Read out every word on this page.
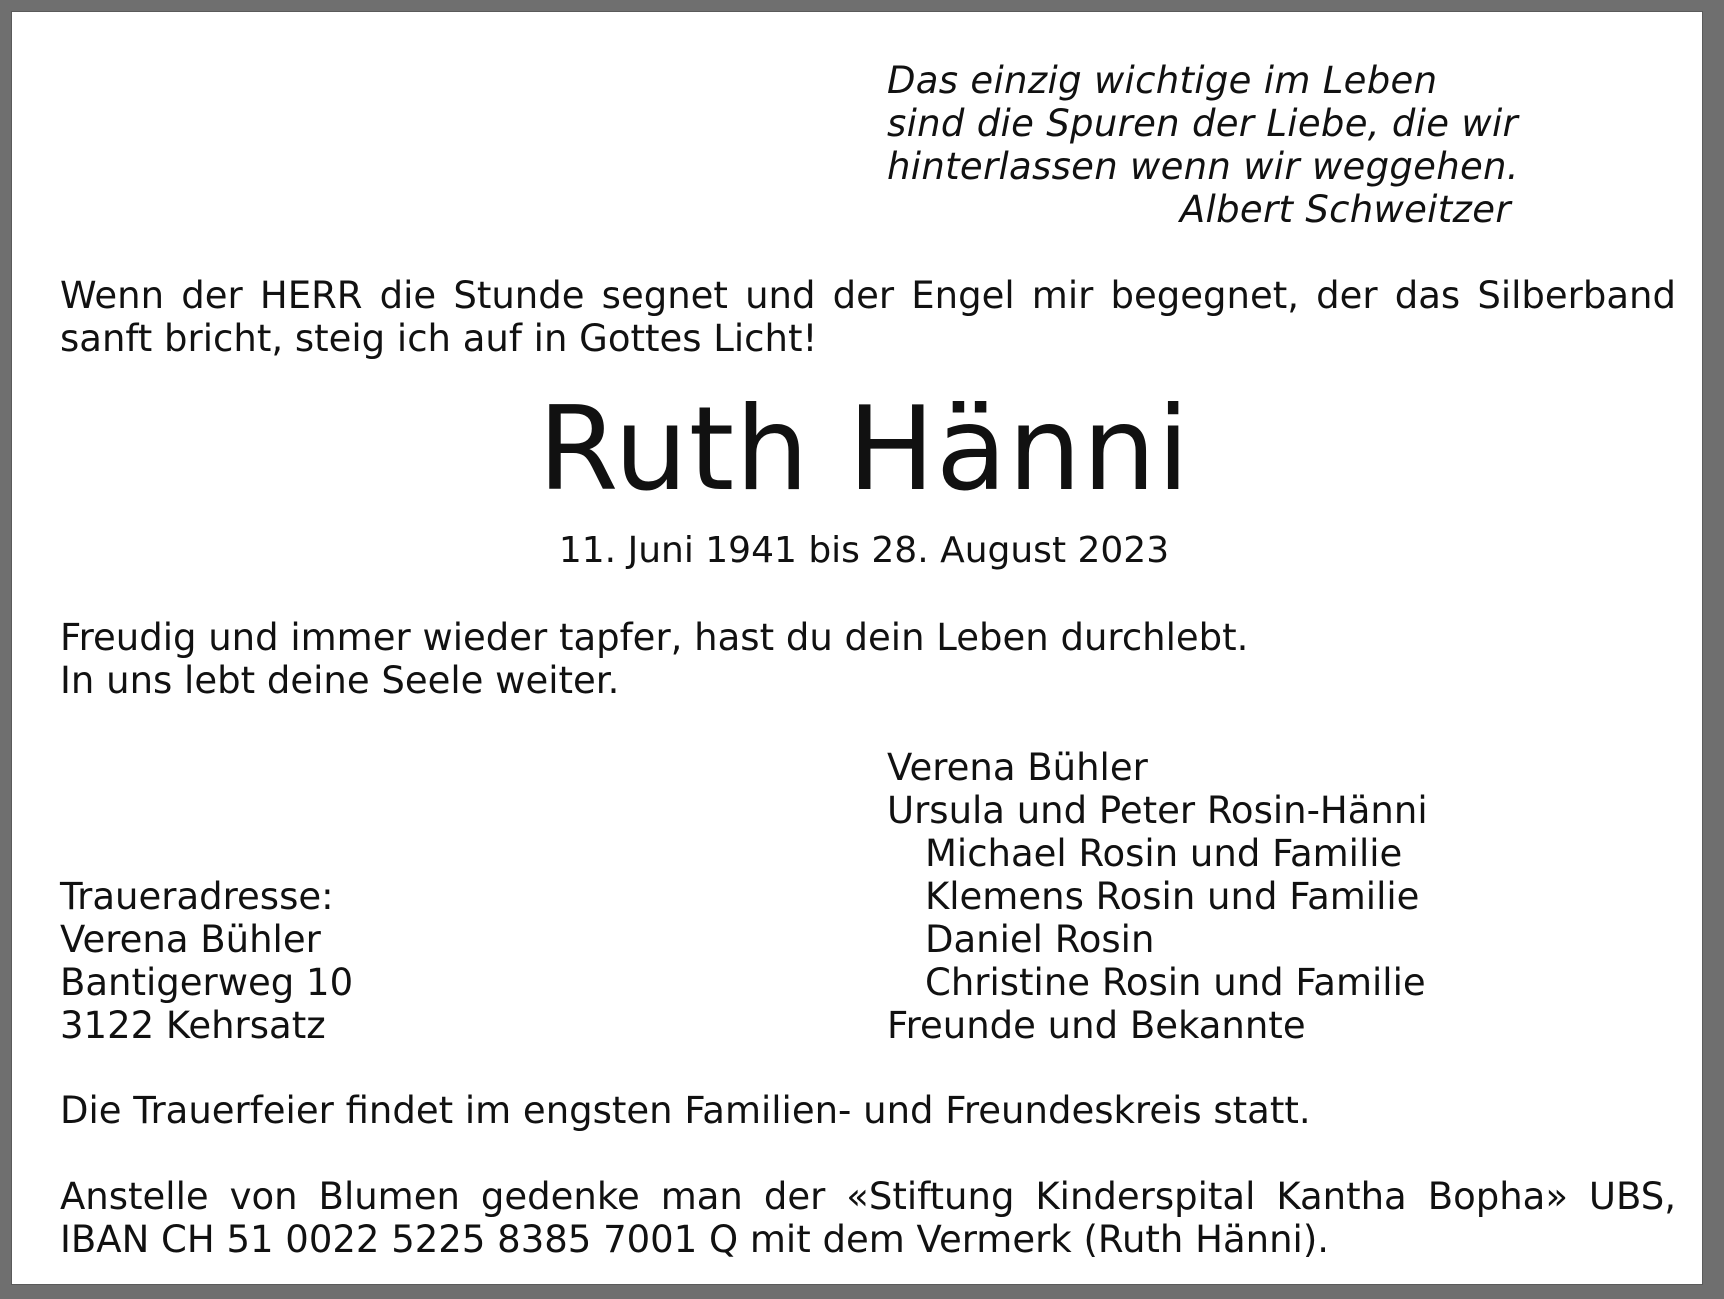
Das einzig wichtige im Leben
sind die Spuren der Liebe, die wir
hinterlassen wenn wir weggehen.
Albert Schweitzer
Wenn der HERR die Stunde segnet und der Engel mir begegnet, der das Silberband
sanft bricht, steig ich auf in Gottes Licht!
Ruth Hänni
11. Juni 1941 bis 28. August 2023
Freudig und immer wieder tapfer, hast du dein Leben durchlebt.
In uns lebt deine Seele weiter.
Verena Bühler
Ursula und Peter Rosin-Hänni
Michael Rosin und Familie
Klemens Rosin und Familie
Daniel Rosin
Christine Rosin und Familie
Freunde und Bekannte
Traueradresse:
Verena Bühler
Bantigerweg 10
3122 Kehrsatz
Die Trauerfeier findet im engsten Familien- und Freundeskreis statt.
Anstelle von Blumen gedenke man der «Stiftung Kinderspital Kantha Bopha» UBS,
IBAN CH 51 0022 5225 8385 7001 Q mit dem Vermerk (Ruth Hänni).
